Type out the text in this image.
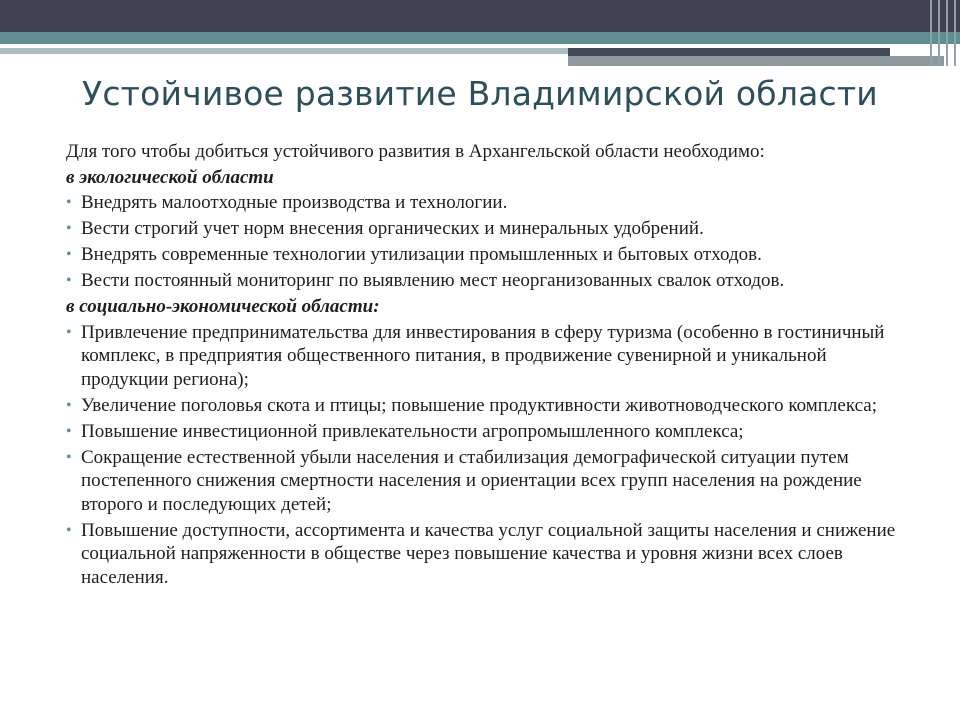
Устойчивое развитие Владимирской области

Для того чтобы добиться устойчивого развития в Архангельской области необходимо:

в экологической области

• Внедрять малоотходные производства и технологии.
• Вести строгий учет норм внесения органических и минеральных удобрений.
• Внедрять современные технологии утилизации промышленных и бытовых отходов.
• Вести постоянный мониторинг по выявлению мест неорганизованных свалок отходов.

в социально-экономической области:

• Привлечение предпринимательства для инвестирования в сферу туризма (особенно в гостиничный комплекс, в предприятия общественного питания, в продвижение сувенирной и уникальной продукции региона);
• Увеличение поголовья скота и птицы; повышение продуктивности животноводческого комплекса;
• Повышение инвестиционной привлекательности агропромышленного комплекса;
• Сокращение естественной убыли населения и стабилизация демографической ситуации путем постепенного снижения смертности населения и ориентации всех групп населения на рождение второго и последующих детей;
• Повышение доступности, ассортимента и качества услуг социальной защиты населения и снижение социальной напряженности в обществе через повышение качества и уровня жизни всех слоев населения.
